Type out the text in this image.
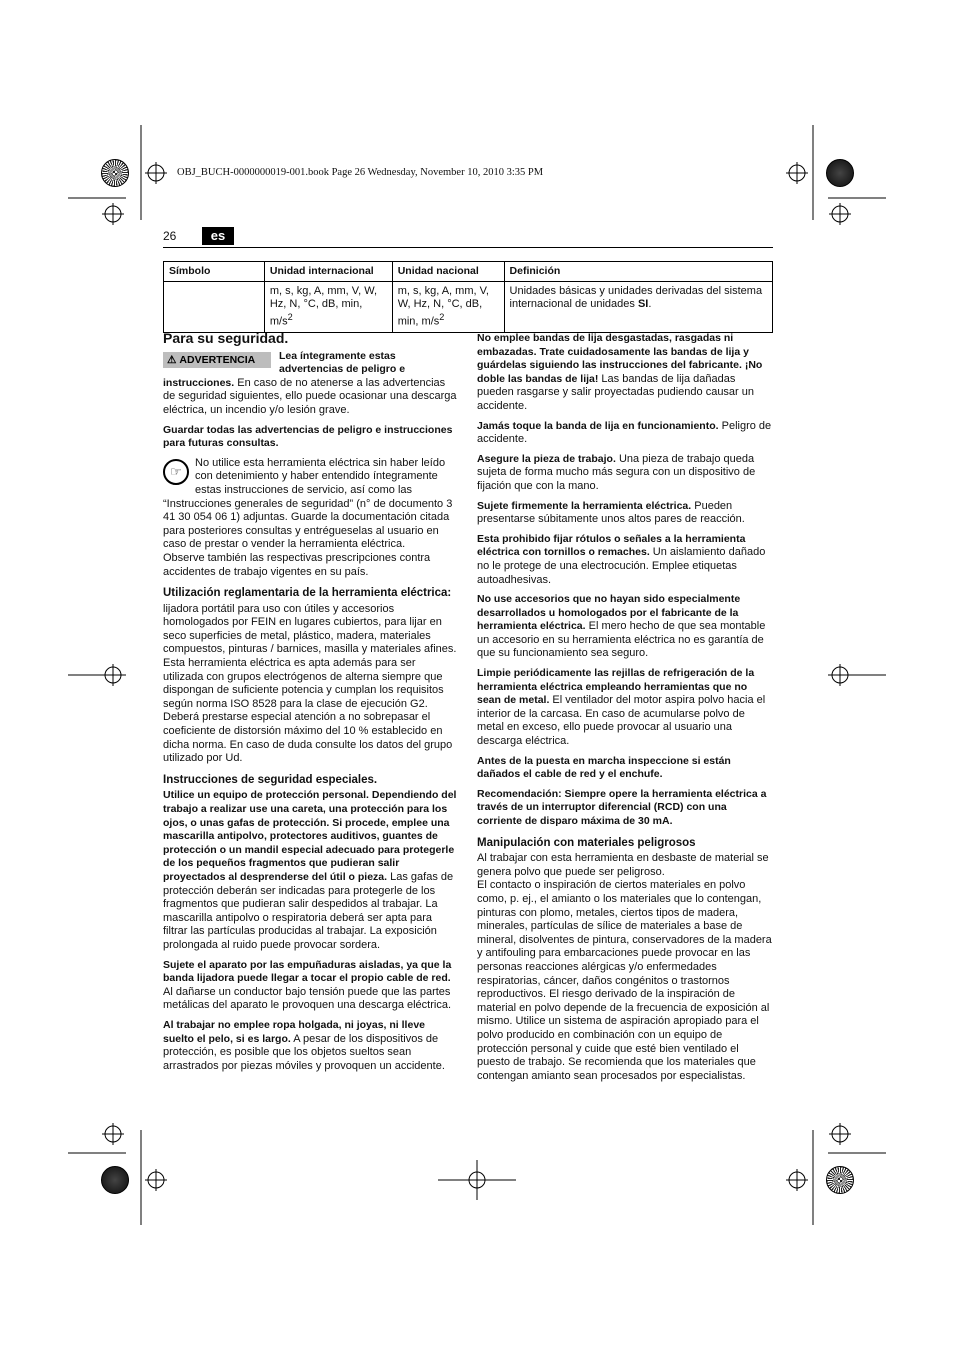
OBJ_BUCH-0000000019-001.book Page 26 Wednesday, November 10, 2010 3:35 PM
26	es
Símbolo	Unidad internacional	Unidad nacional	Definición
	m, s, kg, A, mm, V, W, Hz, N, °C, dB, min, $m/s^2$	m, s, kg, A, mm, V, W, Hz, N, °C, dB, min, $m/s^2$	Unidades básicas y unidades derivadas del sistema internacional de unidades SI.
Para su seguridad.

⚠ ADVERTENCIA	Lea íntegramente estas advertencias de peligro e instrucciones. En caso de no atenerse a las advertencias de seguridad siguientes, ello puede ocasionar una descarga eléctrica, un incendio y/o lesión grave.

Guardar todas las advertencias de peligro e instrucciones para futuras consultas.

☞
No utilice esta herramienta eléctrica sin haber leído con detenimiento y haber entendido íntegramente estas instrucciones de servicio, así como las “Instrucciones generales de seguridad” (n° de documento 3 41 30 054 06 1) adjuntas. Guarde la documentación citada para posteriores consultas y entrégueselas al usuario en caso de prestar o vender la herramienta eléctrica.

Observe también las respectivas prescripciones contra accidentes de trabajo vigentes en su país.

Utilización reglamentaria de la herramienta eléctrica:

lijadora portátil para uso con útiles y accesorios homologados por FEIN en lugares cubiertos, para lijar en seco superficies de metal, plástico, madera, materiales compuestos, pinturas / barnices, masilla y materiales afines.

Esta herramienta eléctrica es apta además para ser utilizada con grupos electrógenos de alterna siempre que dispongan de suficiente potencia y cumplan los requisitos según norma ISO 8528 para la clase de ejecución G2. Deberá prestarse especial atención a no sobrepasar el coeficiente de distorsión máximo del 10 % establecido en dicha norma. En caso de duda consulte los datos del grupo utilizado por Ud.

Instrucciones de seguridad especiales.

Utilice un equipo de protección personal. Dependiendo del trabajo a realizar use una careta, una protección para los ojos, o unas gafas de protección. Si procede, emplee una mascarilla antipolvo, protectores auditivos, guantes de protección o un mandil especial adecuado para protegerle de los pequeños fragmentos que pudieran salir proyectados al desprenderse del útil o pieza. Las gafas de protección deberán ser indicadas para protegerle de los fragmentos que pudieran salir despedidos al trabajar. La mascarilla antipolvo o respiratoria deberá ser apta para filtrar las partículas producidas al trabajar. La exposición prolongada al ruido puede provocar sordera.

Sujete el aparato por las empuñaduras aisladas, ya que la banda lijadora puede llegar a tocar el propio cable de red. Al dañarse un conductor bajo tensión puede que las partes metálicas del aparato le provoquen una descarga eléctrica.

Al trabajar no emplee ropa holgada, ni joyas, ni lleve suelto el pelo, si es largo. A pesar de los dispositivos de protección, es posible que los objetos sueltos sean arrastrados por piezas móviles y provoquen un accidente.

No emplee bandas de lija desgastadas, rasgadas ni embazadas. Trate cuidadosamente las bandas de lija y guárdelas siguiendo las instrucciones del fabricante. ¡No doble las bandas de lija! Las bandas de lija dañadas pueden rasgarse y salir proyectadas pudiendo causar un accidente.

Jamás toque la banda de lija en funcionamiento. Peligro de accidente.

Asegure la pieza de trabajo. Una pieza de trabajo queda sujeta de forma mucho más segura con un dispositivo de fijación que con la mano.

Sujete firmemente la herramienta eléctrica. Pueden presentarse súbitamente unos altos pares de reacción.

Esta prohibido fijar rótulos o señales a la herramienta eléctrica con tornillos o remaches. Un aislamiento dañado no le protege de una electrocución. Emplee etiquetas autoadhesivas.

No use accesorios que no hayan sido especialmente desarrollados u homologados por el fabricante de la herramienta eléctrica. El mero hecho de que sea montable un accesorio en su herramienta eléctrica no es garantía de que su funcionamiento sea seguro.

Limpie periódicamente las rejillas de refrigeración de la herramienta eléctrica empleando herramientas que no sean de metal. El ventilador del motor aspira polvo hacia el interior de la carcasa. En caso de acumularse polvo de metal en exceso, ello puede provocar al usuario una descarga eléctrica.

Antes de la puesta en marcha inspeccione si están dañados el cable de red y el enchufe.

Recomendación: Siempre opere la herramienta eléctrica a través de un interruptor diferencial (RCD) con una corriente de disparo máxima de 30 mA.

Manipulación con materiales peligrosos

Al trabajar con esta herramienta en desbaste de material se genera polvo que puede ser peligroso.

El contacto o inspiración de ciertos materiales en polvo como, p. ej., el amianto o los materiales que lo contengan, pinturas con plomo, metales, ciertos tipos de madera, minerales, partículas de sílice de materiales a base de mineral, disolventes de pintura, conservadores de la madera y antifouling para embarcaciones puede provocar en las personas reacciones alérgicas y/o enfermedades respiratorias, cáncer, daños congénitos o trastornos reproductivos. El riesgo derivado de la inspiración de material en polvo depende de la frecuencia de exposición al mismo. Utilice un sistema de aspiración apropiado para el polvo producido en combinación con un equipo de protección personal y cuide que esté bien ventilado el puesto de trabajo. Se recomienda que los materiales que contengan amianto sean procesados por especialistas.
